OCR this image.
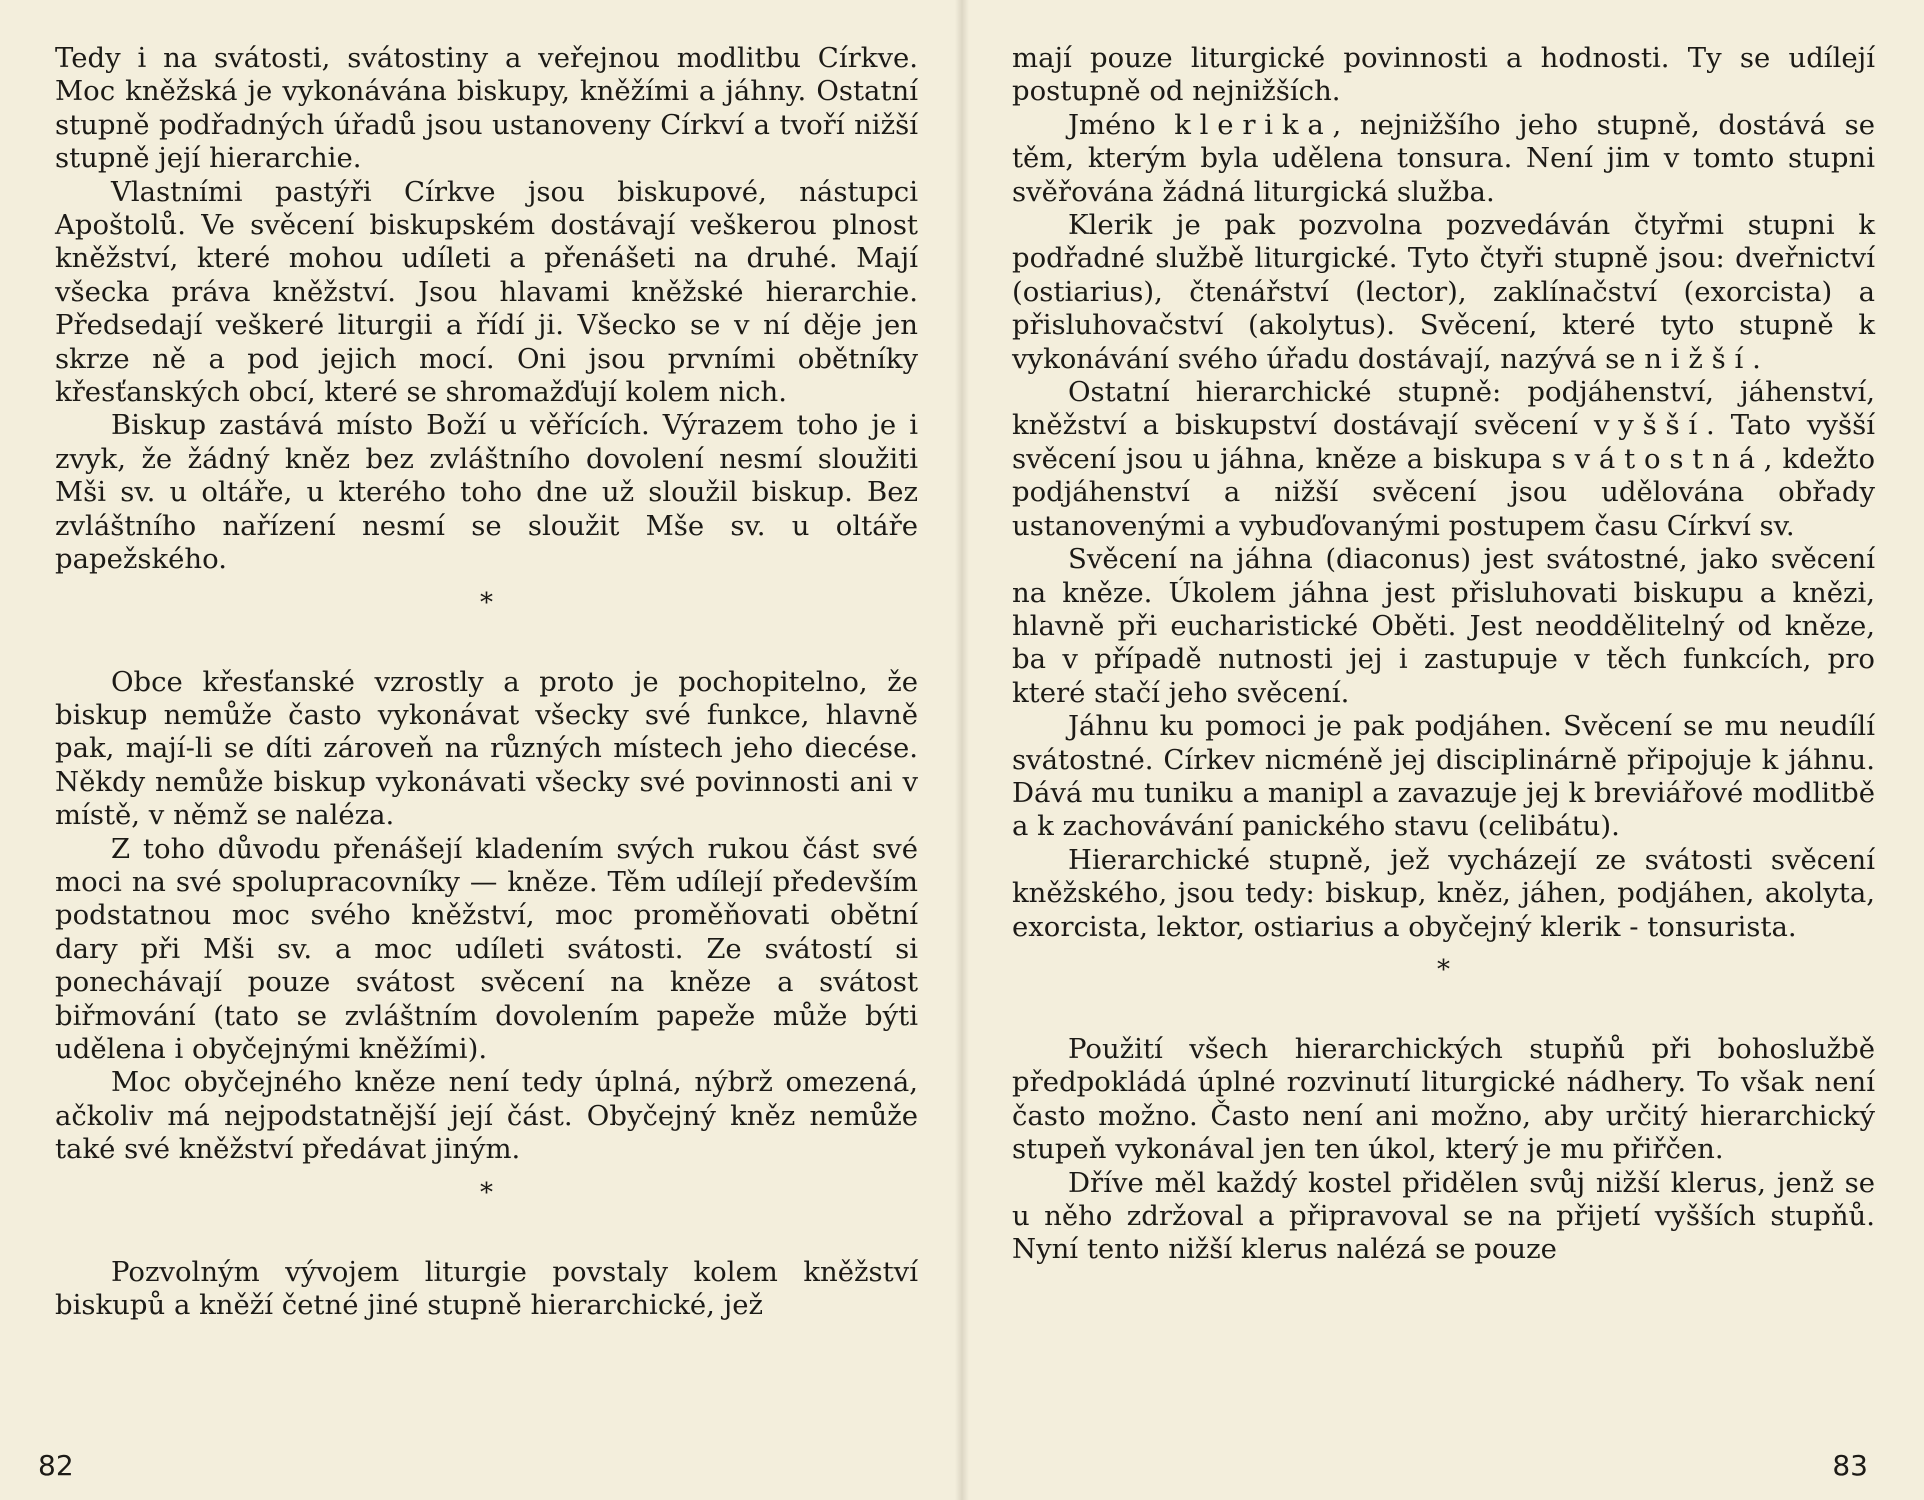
Tedy i na svátosti, svátostiny a veřejnou modlitbu Církve. Moc kněžská je vykonávána biskupy, kněžími a jáhny. Ostatní stupně podřadných úřadů jsou ustanoveny Církví a tvoří nižší stupně její hierarchie.

Vlastními pastýři Církve jsou biskupové, nástupci Apoštolů. Ve svěcení biskupském dostávají veškerou plnost kněžství, které mohou udíleti a přenášeti na druhé. Mají všecka práva kněžství. Jsou hlavami kněžské hierarchie. Předsedají veškeré liturgii a řídí ji. Všecko se v ní děje jen skrze ně a pod jejich mocí. Oni jsou prvními obětníky křesťanských obcí, které se shromažďují kolem nich.

Biskup zastává místo Boží u věřících. Výrazem toho je i zvyk, že žádný kněz bez zvláštního dovolení nesmí sloužiti Mši sv. u oltáře, u kterého toho dne už sloužil biskup. Bez zvláštního nařízení nesmí se sloužit Mše sv. u oltáře papežského.

*

Obce křesťanské vzrostly a proto je pochopitelno, že biskup nemůže často vykonávat všecky své funkce, hlavně pak, mají-li se díti zároveň na různých místech jeho diecése. Někdy nemůže biskup vykonávati všecky své povinnosti ani v místě, v němž se naléza.

Z toho důvodu přenášejí kladením svých rukou část své moci na své spolupracovníky — kněze. Těm udílejí především podstatnou moc svého kněžství, moc proměňovati obětní dary při Mši sv. a moc udíleti svátosti. Ze svátostí si ponechávají pouze svátost svěcení na kněze a svátost biřmování (tato se zvláštním dovolením papeže může býti udělena i obyčejnými kněžími).

Moc obyčejného kněze není tedy úplná, nýbrž omezená, ačkoliv má nejpodstatnější její část. Obyčejný kněz nemůže také své kněžství předávat jiným.

*

Pozvolným vývojem liturgie povstaly kolem kněžství biskupů a kněží četné jiné stupně hierarchické, jež

82

mají pouze liturgické povinnosti a hodnosti. Ty se udílejí postupně od nejnižších.

Jméno klerika, nejnižšího jeho stupně, dostává se těm, kterým byla udělena tonsura. Není jim v tomto stupni svěřována žádná liturgická služba.

Klerik je pak pozvolna pozvedáván čtyřmi stupni k podřadné službě liturgické. Tyto čtyři stupně jsou: dveřnictví (ostiarius), čtenářství (lector), zaklínačství (exorcista) a přisluhovačství (akolytus). Svěcení, které tyto stupně k vykonávání svého úřadu dostávají, nazývá se nižší.

Ostatní hierarchické stupně: podjáhenství, jáhenství, kněžství a biskupství dostávají svěcení vyšší. Tato vyšší svěcení jsou u jáhna, kněze a biskupa svátostná, kdežto podjáhenství a nižší svěcení jsou udělována obřady ustanovenými a vybuďovanými postupem času Církví sv.

Svěcení na jáhna (diaconus) jest svátostné, jako svěcení na kněze. Úkolem jáhna jest přisluhovati biskupu a knězi, hlavně při eucharistické Oběti. Jest neoddělitelný od kněze, ba v případě nutnosti jej i zastupuje v těch funkcích, pro které stačí jeho svěcení.

Jáhnu ku pomoci je pak podjáhen. Svěcení se mu neudílí svátostné. Církev nicméně jej disciplinárně připojuje k jáhnu. Dává mu tuniku a manipl a zavazuje jej k breviářové modlitbě a k zachovávání panického stavu (celibátu).

Hierarchické stupně, jež vycházejí ze svátosti svěcení kněžského, jsou tedy: biskup, kněz, jáhen, podjáhen, akolyta, exorcista, lektor, ostiarius a obyčejný klerik - tonsurista.

*

Použití všech hierarchických stupňů při bohoslužbě předpokládá úplné rozvinutí liturgické nádhery. To však není často možno. Často není ani možno, aby určitý hierarchický stupeň vykonával jen ten úkol, který je mu přiřčen.

Dříve měl každý kostel přidělen svůj nižší klerus, jenž se u něho zdržoval a připravoval se na přijetí vyšších stupňů. Nyní tento nižší klerus nalézá se pouze

83
